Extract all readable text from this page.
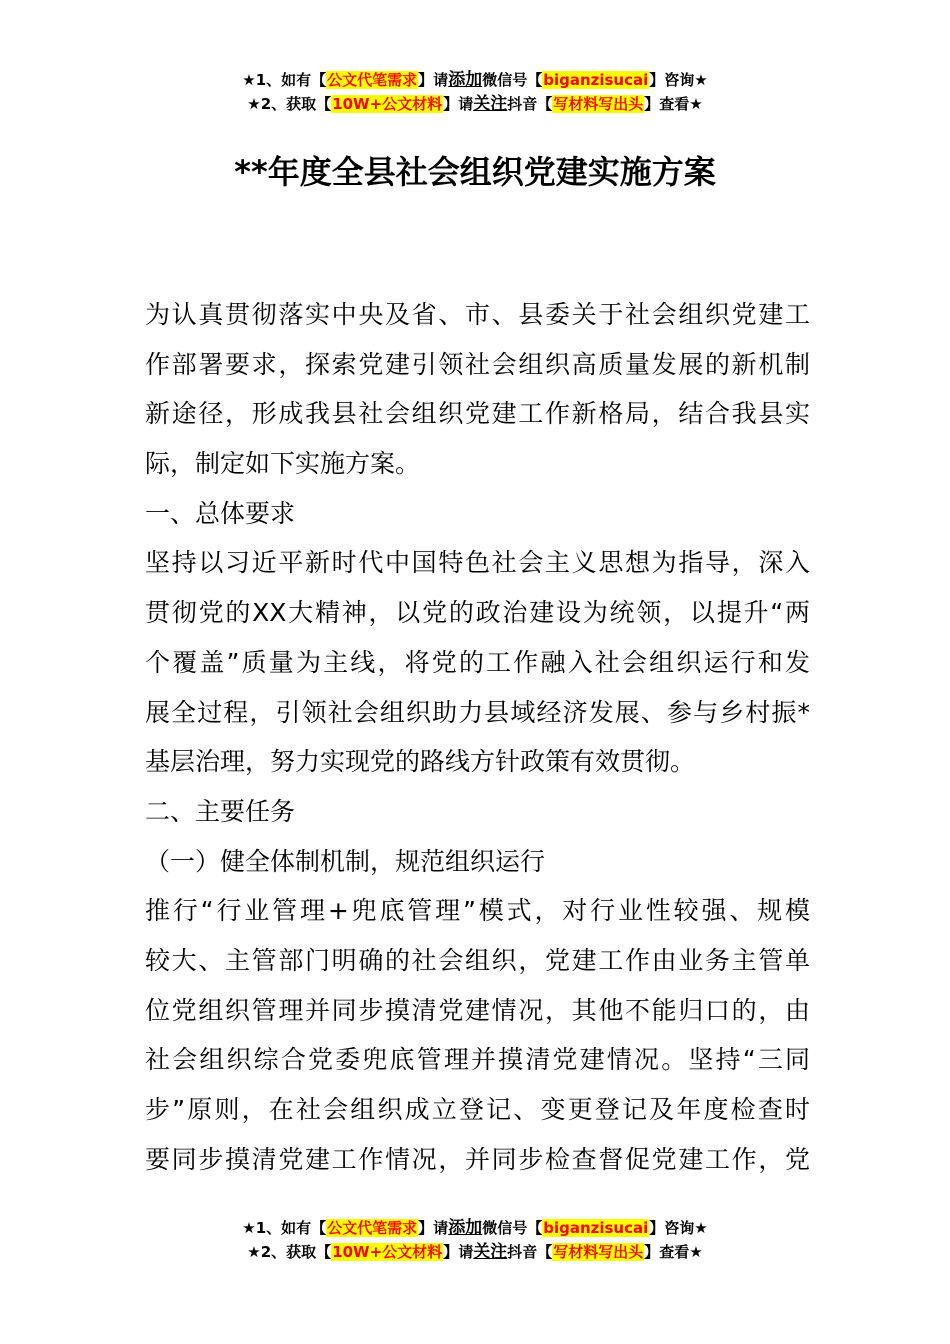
★1、如有【公文代笔需求】请添加微信号【biganzisucai】咨询★
★2、获取【10W+公文材料】请关注抖音【写材料写出头】查看★
**年度全县社会组织党建实施方案
为认真贯彻落实中央及省、市、县委关于社会组织党建工
作部署要求，探索党建引领社会组织高质量发展的新机制
新途径，形成我县社会组织党建工作新格局，结合我县实
际，制定如下实施方案。
一、总体要求
坚持以习近平新时代中国特色社会主义思想为指导，深入
贯彻党的XX大精神，以党的政治建设为统领，以提升“两
个覆盖”质量为主线，将党的工作融入社会组织运行和发
展全过程，引领社会组织助力县域经济发展、参与乡村振*
基层治理，努力实现党的路线方针政策有效贯彻。
二、主要任务
（一）健全体制机制，规范组织运行
推行“行业管理+兜底管理”模式，对行业性较强、规模
较大、主管部门明确的社会组织，党建工作由业务主管单
位党组织管理并同步摸清党建情况，其他不能归口的，由
社会组织综合党委兜底管理并摸清党建情况。坚持“三同
步”原则，在社会组织成立登记、变更登记及年度检查时
要同步摸清党建工作情况，并同步检查督促党建工作，党
★1、如有【公文代笔需求】请添加微信号【biganzisucai】咨询★
★2、获取【10W+公文材料】请关注抖音【写材料写出头】查看★
